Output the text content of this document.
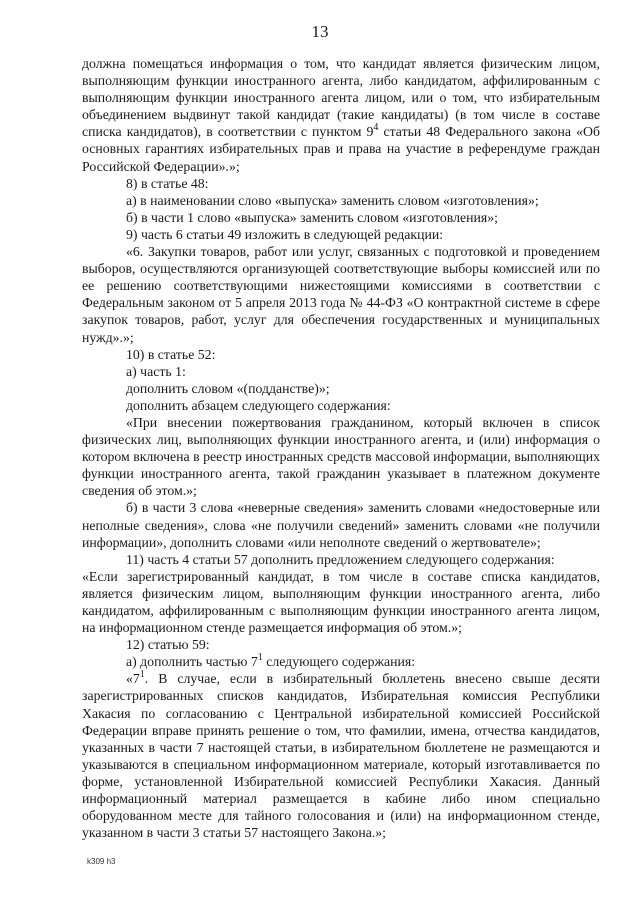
13

должна помещаться информация о том, что кандидат является физическим лицом, выполняющим функции иностранного агента, либо кандидатом, аффилированным с выполняющим функции иностранного агента лицом, или о том, что избирательным объединением выдвинут такой кандидат (такие кандидаты) (в том числе в составе списка кандидатов), в соответствии с пунктом $9^4$ статьи 48 Федерального закона «Об основных гарантиях избирательных прав и права на участие в референдуме граждан Российской Федерации».»;

8) в статье 48:

а) в наименовании слово «выпуска» заменить словом «изготовления»;

б) в части 1 слово «выпуска» заменить словом «изготовления»;

9) часть 6 статьи 49 изложить в следующей редакции:

«6. Закупки товаров, работ или услуг, связанных с подготовкой и проведением выборов, осуществляются организующей соответствующие выборы комиссией или по ее решению соответствующими нижестоящими комиссиями в соответствии с Федеральным законом от 5 апреля 2013 года № 44-ФЗ «О контрактной системе в сфере закупок товаров, работ, услуг для обеспечения государственных и муниципальных нужд».»;

10) в статье 52:

а) часть 1:

дополнить словом «(подданстве)»;

дополнить абзацем следующего содержания:

«При внесении пожертвования гражданином, который включен в список физических лиц, выполняющих функции иностранного агента, и (или) информация о котором включена в реестр иностранных средств массовой информации, выполняющих функции иностранного агента, такой гражданин указывает в платежном документе сведения об этом.»;

б) в части 3 слова «неверные сведения» заменить словами «недостоверные или неполные сведения», слова «не получили сведений» заменить словами «не получили информации», дополнить словами «или неполноте сведений о жертвователе»;

11) часть 4 статьи 57 дополнить предложением следующего содержания:

«Если зарегистрированный кандидат, в том числе в составе списка кандидатов, является физическим лицом, выполняющим функции иностранного агента, либо кандидатом, аффилированным с выполняющим функции иностранного агента лицом, на информационном стенде размещается информация об этом.»;

12) статью 59:

а) дополнить частью $7^1$ следующего содержания:

«$7^1$. В случае, если в избирательный бюллетень внесено свыше десяти зарегистрированных списков кандидатов, Избирательная комиссия Республики Хакасия по согласованию с Центральной избирательной комиссией Российской Федерации вправе принять решение о том, что фамилии, имена, отчества кандидатов, указанных в части 7 настоящей статьи, в избирательном бюллетене не размещаются и указываются в специальном информационном материале, который изготавливается по форме, установленной Избирательной комиссией Республики Хакасия. Данный информационный материал размещается в кабине либо ином специально оборудованном месте для тайного голосования и (или) на информационном стенде, указанном в части 3 статьи 57 настоящего Закона.»;

k309 h3
